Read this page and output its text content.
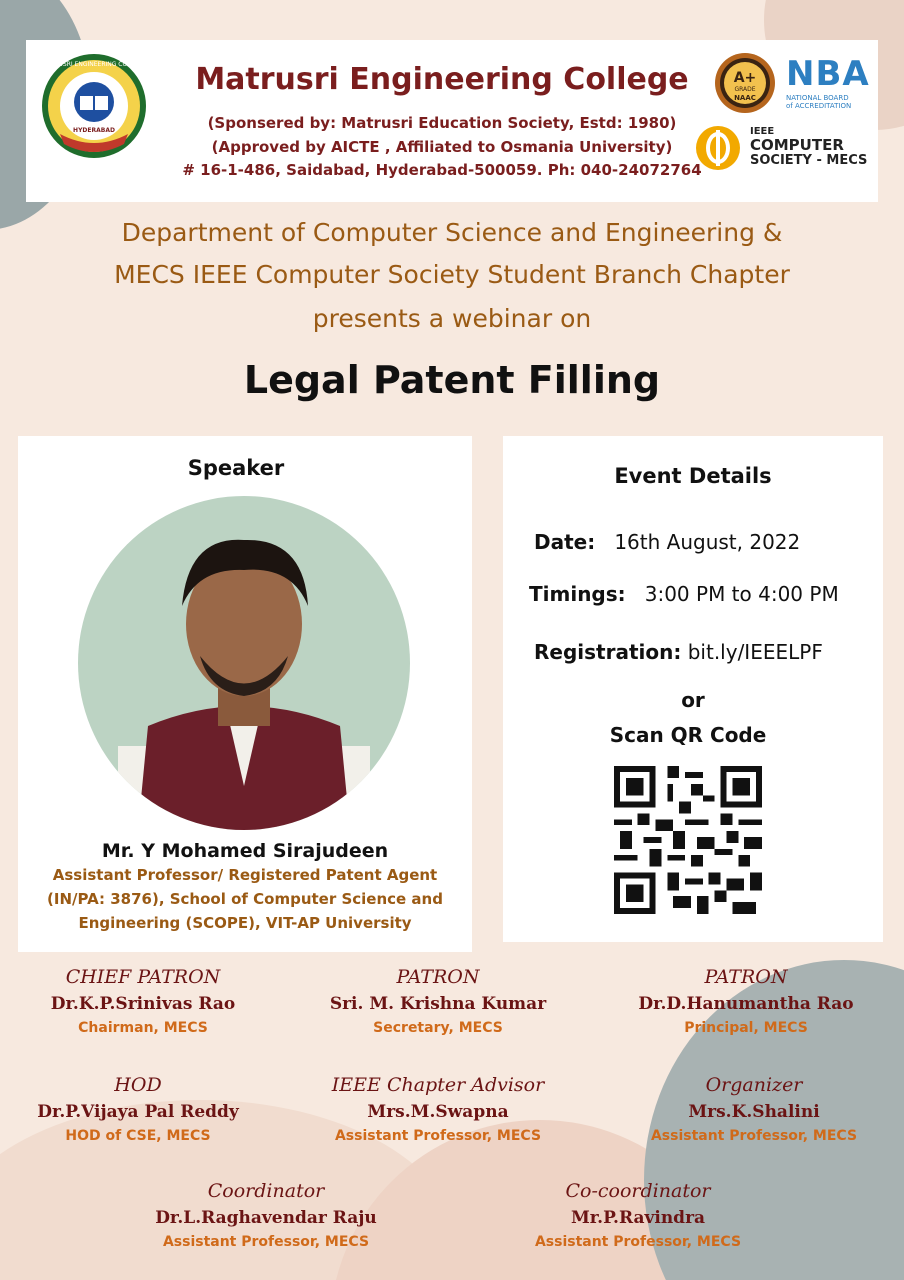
MATRUSRI ENGINEERING COLLEGE
HYDERABAD
Matrusri Engineering College
(Sponsered by: Matrusri Education Society, Estd: 1980)
(Approved by AICTE , Affiliated to Osmania University)
# 16-1-486, Saidabad, Hyderabad-500059. Ph: 040-24072764
A+
GRADE
NAAC
NBA
NATIONAL BOARD
of ACCREDITATION
IEEE
COMPUTER
SOCIETY - MECS
Department of Computer Science and Engineering &
MECS IEEE Computer Society Student Branch Chapter
presents a webinar on
Legal Patent Filling
Speaker
Mr. Y Mohamed Sirajudeen
Assistant Professor/ Registered Patent Agent
(IN/PA: 3876), School of Computer Science and
Engineering (SCOPE), VIT-AP University
Event Details
Date: 16th August, 2022
Timings: 3:00 PM to 4:00 PM
Registration: bit.ly/IEEELPF
or
Scan QR Code
CHIEF PATRON
Dr.K.P.Srinivas Rao
Chairman, MECS
PATRON
Sri. M. Krishna Kumar
Secretary, MECS
PATRON
Dr.D.Hanumantha Rao
Principal, MECS
HOD
Dr.P.Vijaya Pal Reddy
HOD of CSE, MECS
IEEE Chapter Advisor
Mrs.M.Swapna
Assistant Professor, MECS
Organizer
Mrs.K.Shalini
Assistant Professor, MECS
Coordinator
Dr.L.Raghavendar Raju
Assistant Professor, MECS
Co-coordinator
Mr.P.Ravindra
Assistant Professor, MECS
